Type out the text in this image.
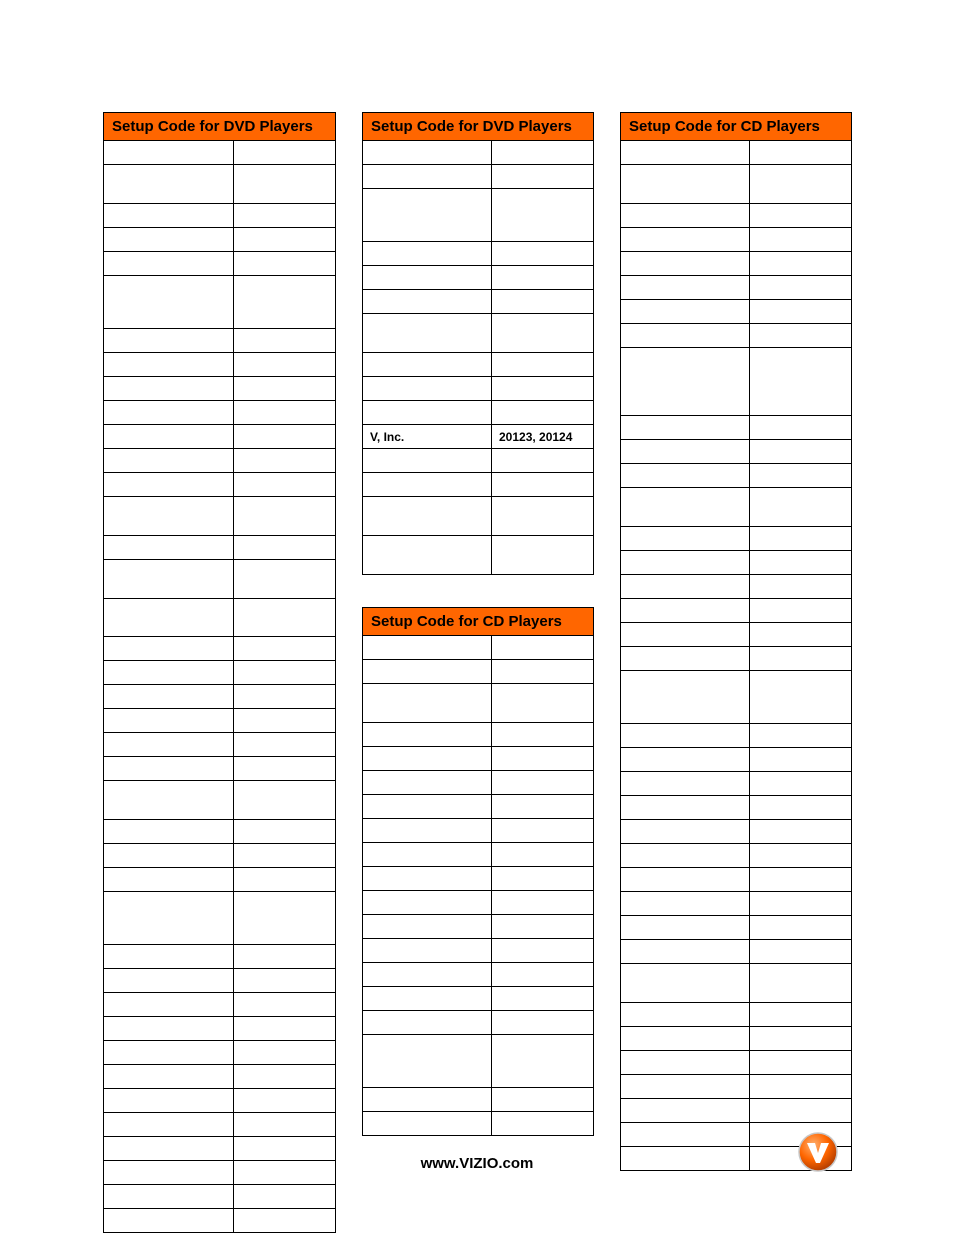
Setup Code for DVD Players	

		Setup Code for DVD Players	

V, Inc.	20123, 20124

Setup Code for CD Players	

Setup Code for CD Players	

www.VIZIO.com
